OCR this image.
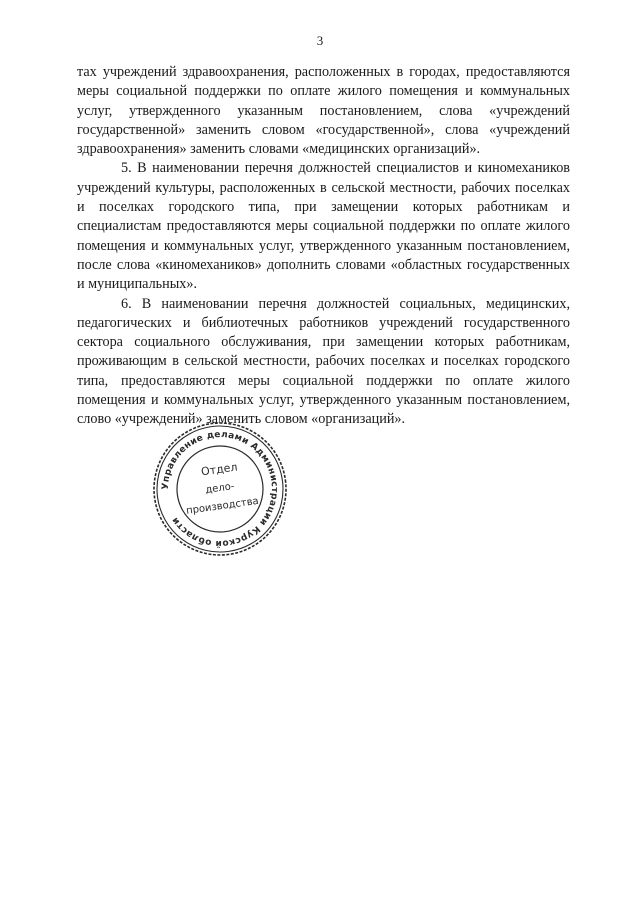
3

тах учреждений здравоохранения, расположенных в городах, предоставляются меры социальной поддержки по оплате жилого помещения и коммунальных услуг, утвержденного указанным постановлением, слова «учреждений государственной» заменить словом «государственной», слова «учреждений здравоохранения» заменить словами «медицинских организаций».

5. В наименовании перечня должностей специалистов и киномехаников учреждений культуры, расположенных в сельской местности, рабочих поселках и поселках городского типа, при замещении которых работникам и специалистам предоставляются меры социальной поддержки по оплате жилого помещения и коммунальных услуг, утвержденного указанным постановлением, после слова «киномехаников» дополнить словами «областных государственных и муниципальных».

6. В наименовании перечня должностей социальных, медицинских, педагогических и библиотечных работников учреждений государственного сектора социального обслуживания, при замещении которых работникам, проживающим в сельской местности, рабочих поселках и поселках городского типа, предоставляются меры социальной поддержки по оплате жилого помещения и коммунальных услуг, утвержденного указанным постановлением, слово «учреждений» заменить словом «организаций».

Управление делами Администрации Курской области
Отдел
дело-
производства
